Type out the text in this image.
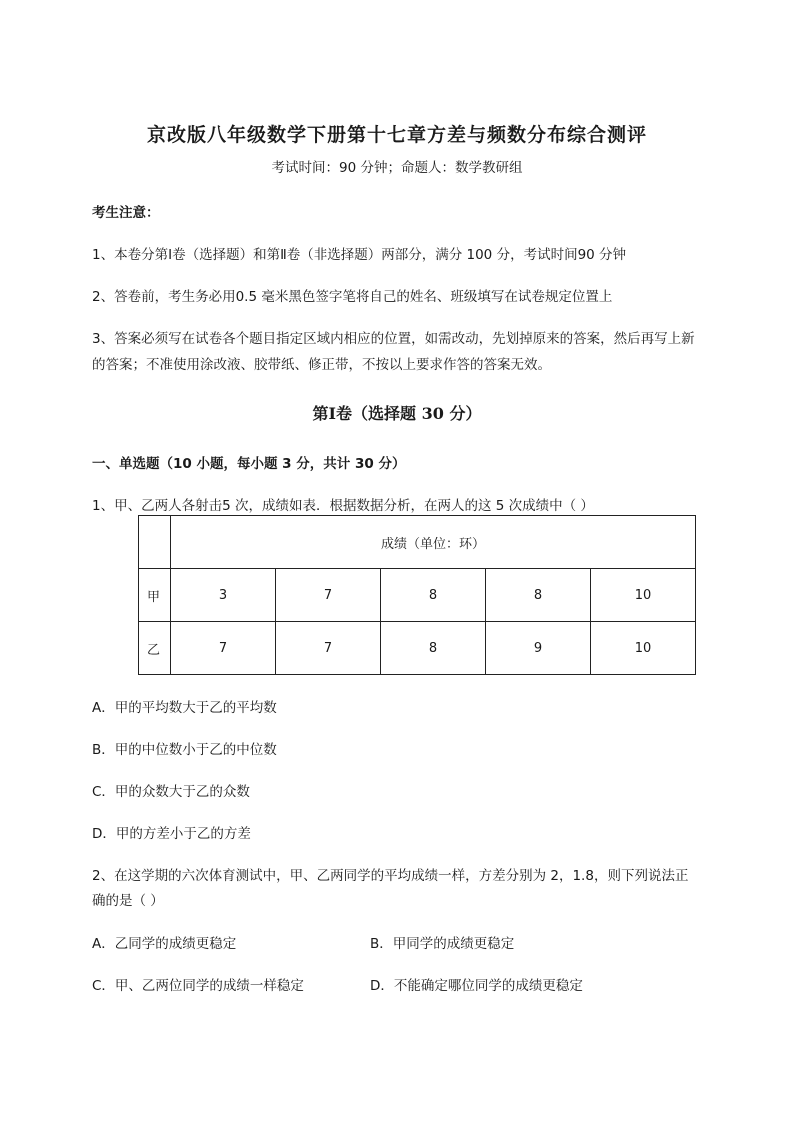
京改版八年级数学下册第十七章方差与频数分布综合测评
考试时间：90 分钟；命题人：数学教研组
考生注意：
1、本卷分第Ⅰ卷（选择题）和第Ⅱ卷（非选择题）两部分，满分 100 分，考试时间90 分钟
2、答卷前，考生务必用0.5 毫米黑色签字笔将自己的姓名、班级填写在试卷规定位置上
3、答案必须写在试卷各个题目指定区域内相应的位置，如需改动，先划掉原来的答案，然后再写上新
的答案；不准使用涂改液、胶带纸、修正带，不按以上要求作答的答案无效。
第Ⅰ卷（选择题 30 分）
一、单选题（10 小题，每小题 3 分，共计 30 分）
1、甲、乙两人各射击5 次，成绩如表．根据数据分析，在两人的这 5 次成绩中（ ）
	成绩（单位：环）				
甲	3	7	8	8	10
乙	7	7	8	9	10
A．甲的平均数大于乙的平均数
B．甲的中位数小于乙的中位数
C．甲的众数大于乙的众数
D．甲的方差小于乙的方差
2、在这学期的六次体育测试中，甲、乙两同学的平均成绩一样，方差分别为 2，1.8，则下列说法正
确的是（ ）
A．乙同学的成绩更稳定	B．甲同学的成绩更稳定
C．甲、乙两位同学的成绩一样稳定	D．不能确定哪位同学的成绩更稳定
